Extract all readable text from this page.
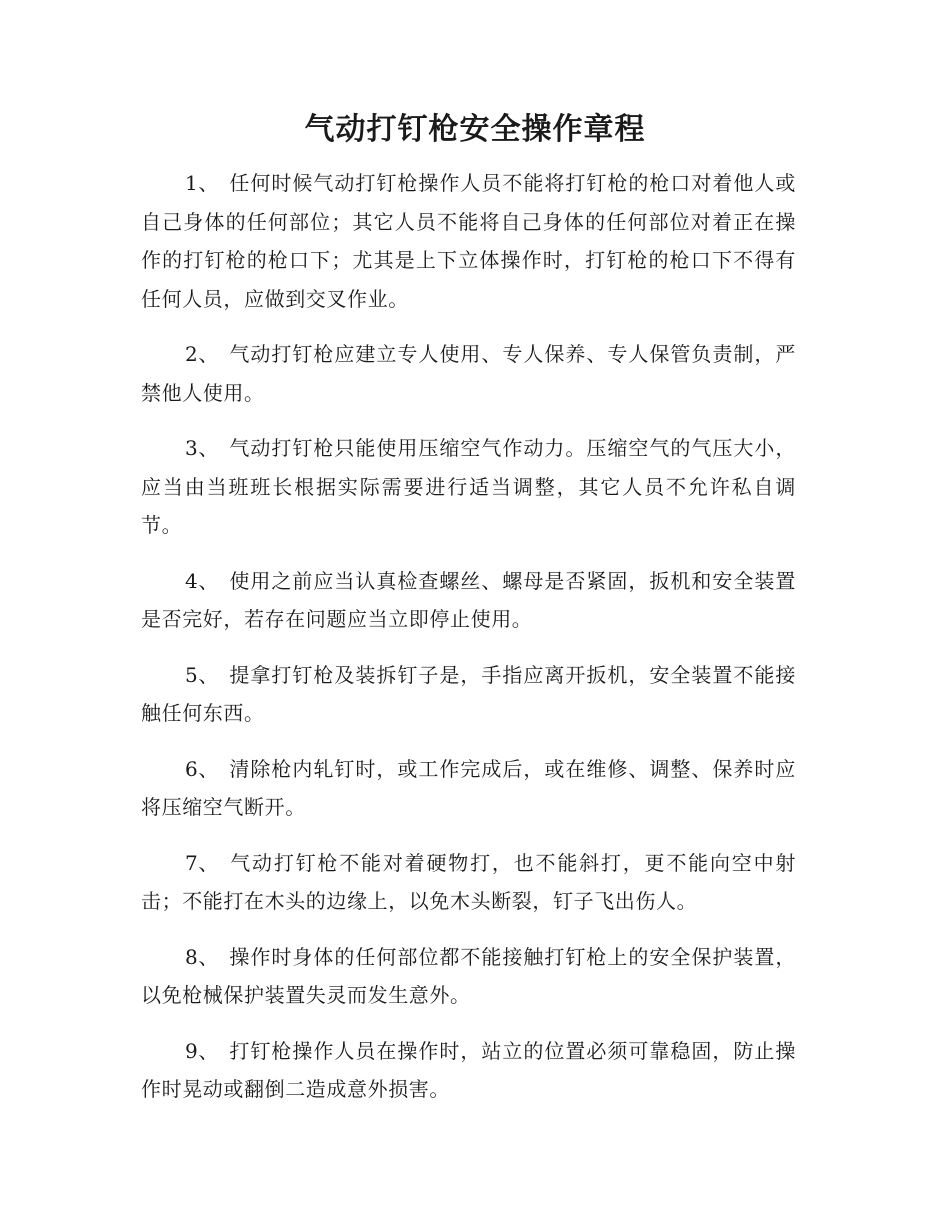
气动打钉枪安全操作章程

1、 任何时候气动打钉枪操作人员不能将打钉枪的枪口对着他人或自己身体的任何部位；其它人员不能将自己身体的任何部位对着正在操作的打钉枪的枪口下；尤其是上下立体操作时，打钉枪的枪口下不得有任何人员，应做到交叉作业。

2、 气动打钉枪应建立专人使用、专人保养、专人保管负责制，严禁他人使用。

3、 气动打钉枪只能使用压缩空气作动力。压缩空气的气压大小，应当由当班班长根据实际需要进行适当调整，其它人员不允许私自调节。

4、 使用之前应当认真检查螺丝、螺母是否紧固，扳机和安全装置是否完好，若存在问题应当立即停止使用。

5、 提拿打钉枪及装拆钉子是，手指应离开扳机，安全装置不能接触任何东西。

6、 清除枪内轧钉时，或工作完成后，或在维修、调整、保养时应将压缩空气断开。

7、 气动打钉枪不能对着硬物打，也不能斜打，更不能向空中射击；不能打在木头的边缘上，以免木头断裂，钉子飞出伤人。

8、 操作时身体的任何部位都不能接触打钉枪上的安全保护装置，以免枪械保护装置失灵而发生意外。

9、 打钉枪操作人员在操作时，站立的位置必须可靠稳固，防止操作时晃动或翻倒二造成意外损害。
